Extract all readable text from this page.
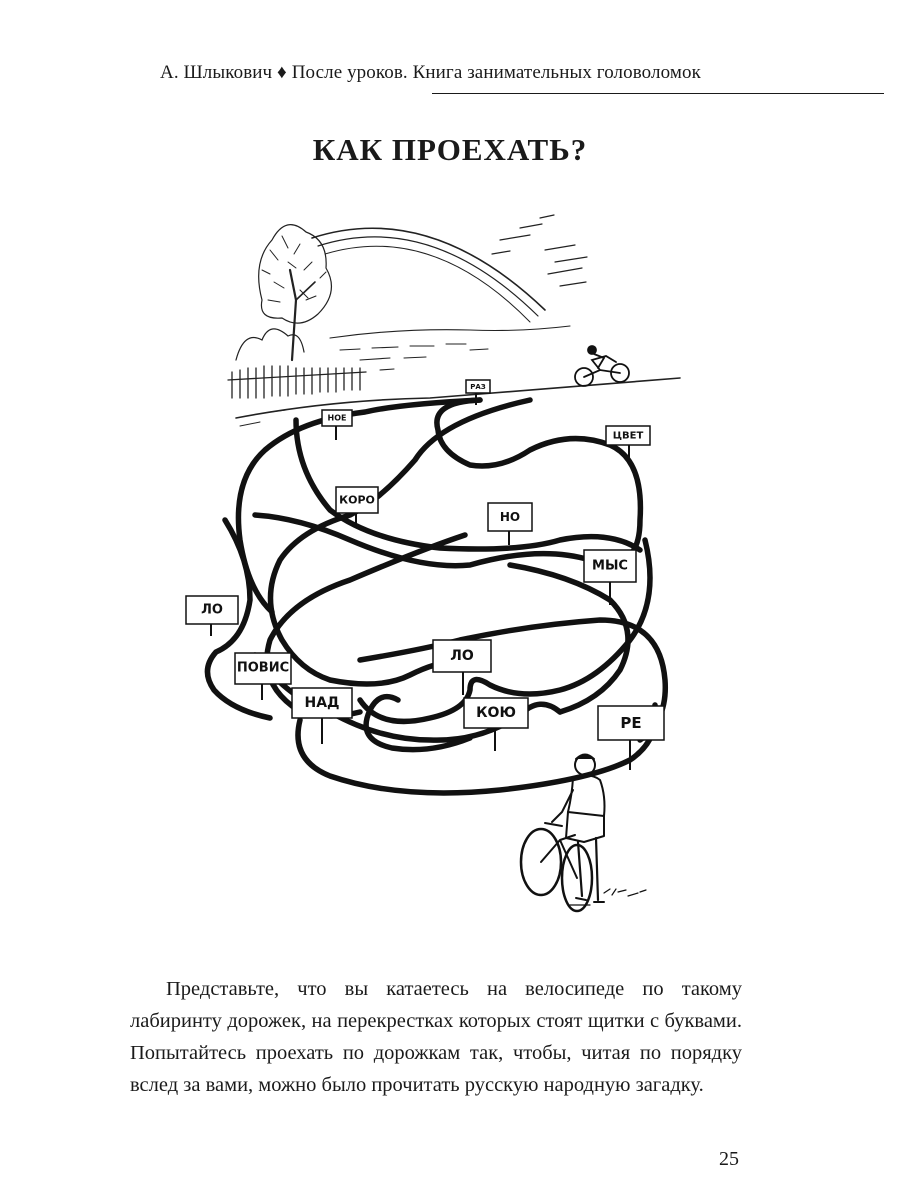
А. Шлыкович ♦ После уроков. Книга занимательных головоломок
КАК ПРОЕХАТЬ?
НОЕ
РАЗ
ЦВЕТ
КОРО
НО
МЫС
ЛО
ПОВИС
ЛО
НАД
КОЮ
РЕ

Представьте, что вы катаетесь на велосипеде по такому лабиринту дорожек, на перекрестках которых стоят щитки с буквами. Попытайтесь проехать по дорожкам так, чтобы, читая по порядку вслед за вами, можно было прочитать русскую народную загадку.

25
